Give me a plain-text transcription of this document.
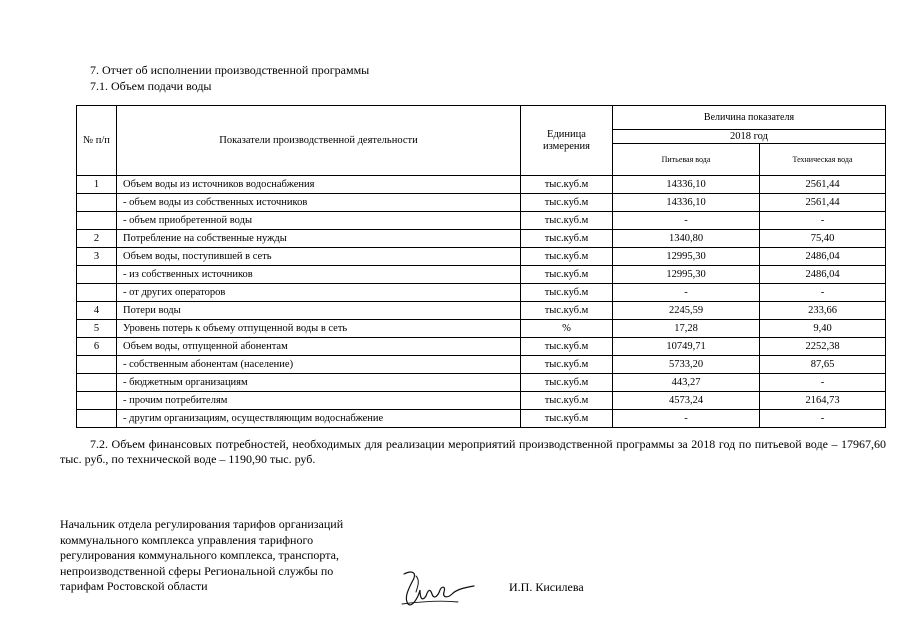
7. Отчет об исполнении производственной программы
7.1. Объем подачи воды
№ п/п	Показатели производственной деятельности	Единица измерения	Величина показателя	
			2018 год	
			Питьевая вода	Техническая вода
1	Объем воды из источников водоснабжения	тыс.куб.м	14336,10	2561,44
	- объем воды из собственных источников	тыс.куб.м	14336,10	2561,44
	- объем приобретенной воды	тыс.куб.м	-	-
2	Потребление на собственные нужды	тыс.куб.м	1340,80	75,40
3	Объем воды, поступившей в сеть	тыс.куб.м	12995,30	2486,04
	- из собственных источников	тыс.куб.м	12995,30	2486,04
	- от других операторов	тыс.куб.м	-	-
4	Потери воды	тыс.куб.м	2245,59	233,66
5	Уровень потерь к объему отпущенной воды в сеть	%	17,28	9,40
6	Объем воды, отпущенной абонентам	тыс.куб.м	10749,71	2252,38
	- собственным абонентам (население)	тыс.куб.м	5733,20	87,65
	- бюджетным организациям	тыс.куб.м	443,27	-
	- прочим потребителям	тыс.куб.м	4573,24	2164,73
	- другим организациям, осуществляющим водоснабжение	тыс.куб.м	-	-
7.2. Объем финансовых потребностей, необходимых для реализации мероприятий производственной программы за 2018 год по питьевой воде – 17967,60 тыс. руб., по технической воде – 1190,90 тыс. руб.
Начальник отдела регулирования тарифов организаций
коммунального комплекса управления тарифного
регулирования коммунального комплекса, транспорта,
непроизводственной сферы Региональной службы по
тарифам Ростовской области	И.П. Кисилева
